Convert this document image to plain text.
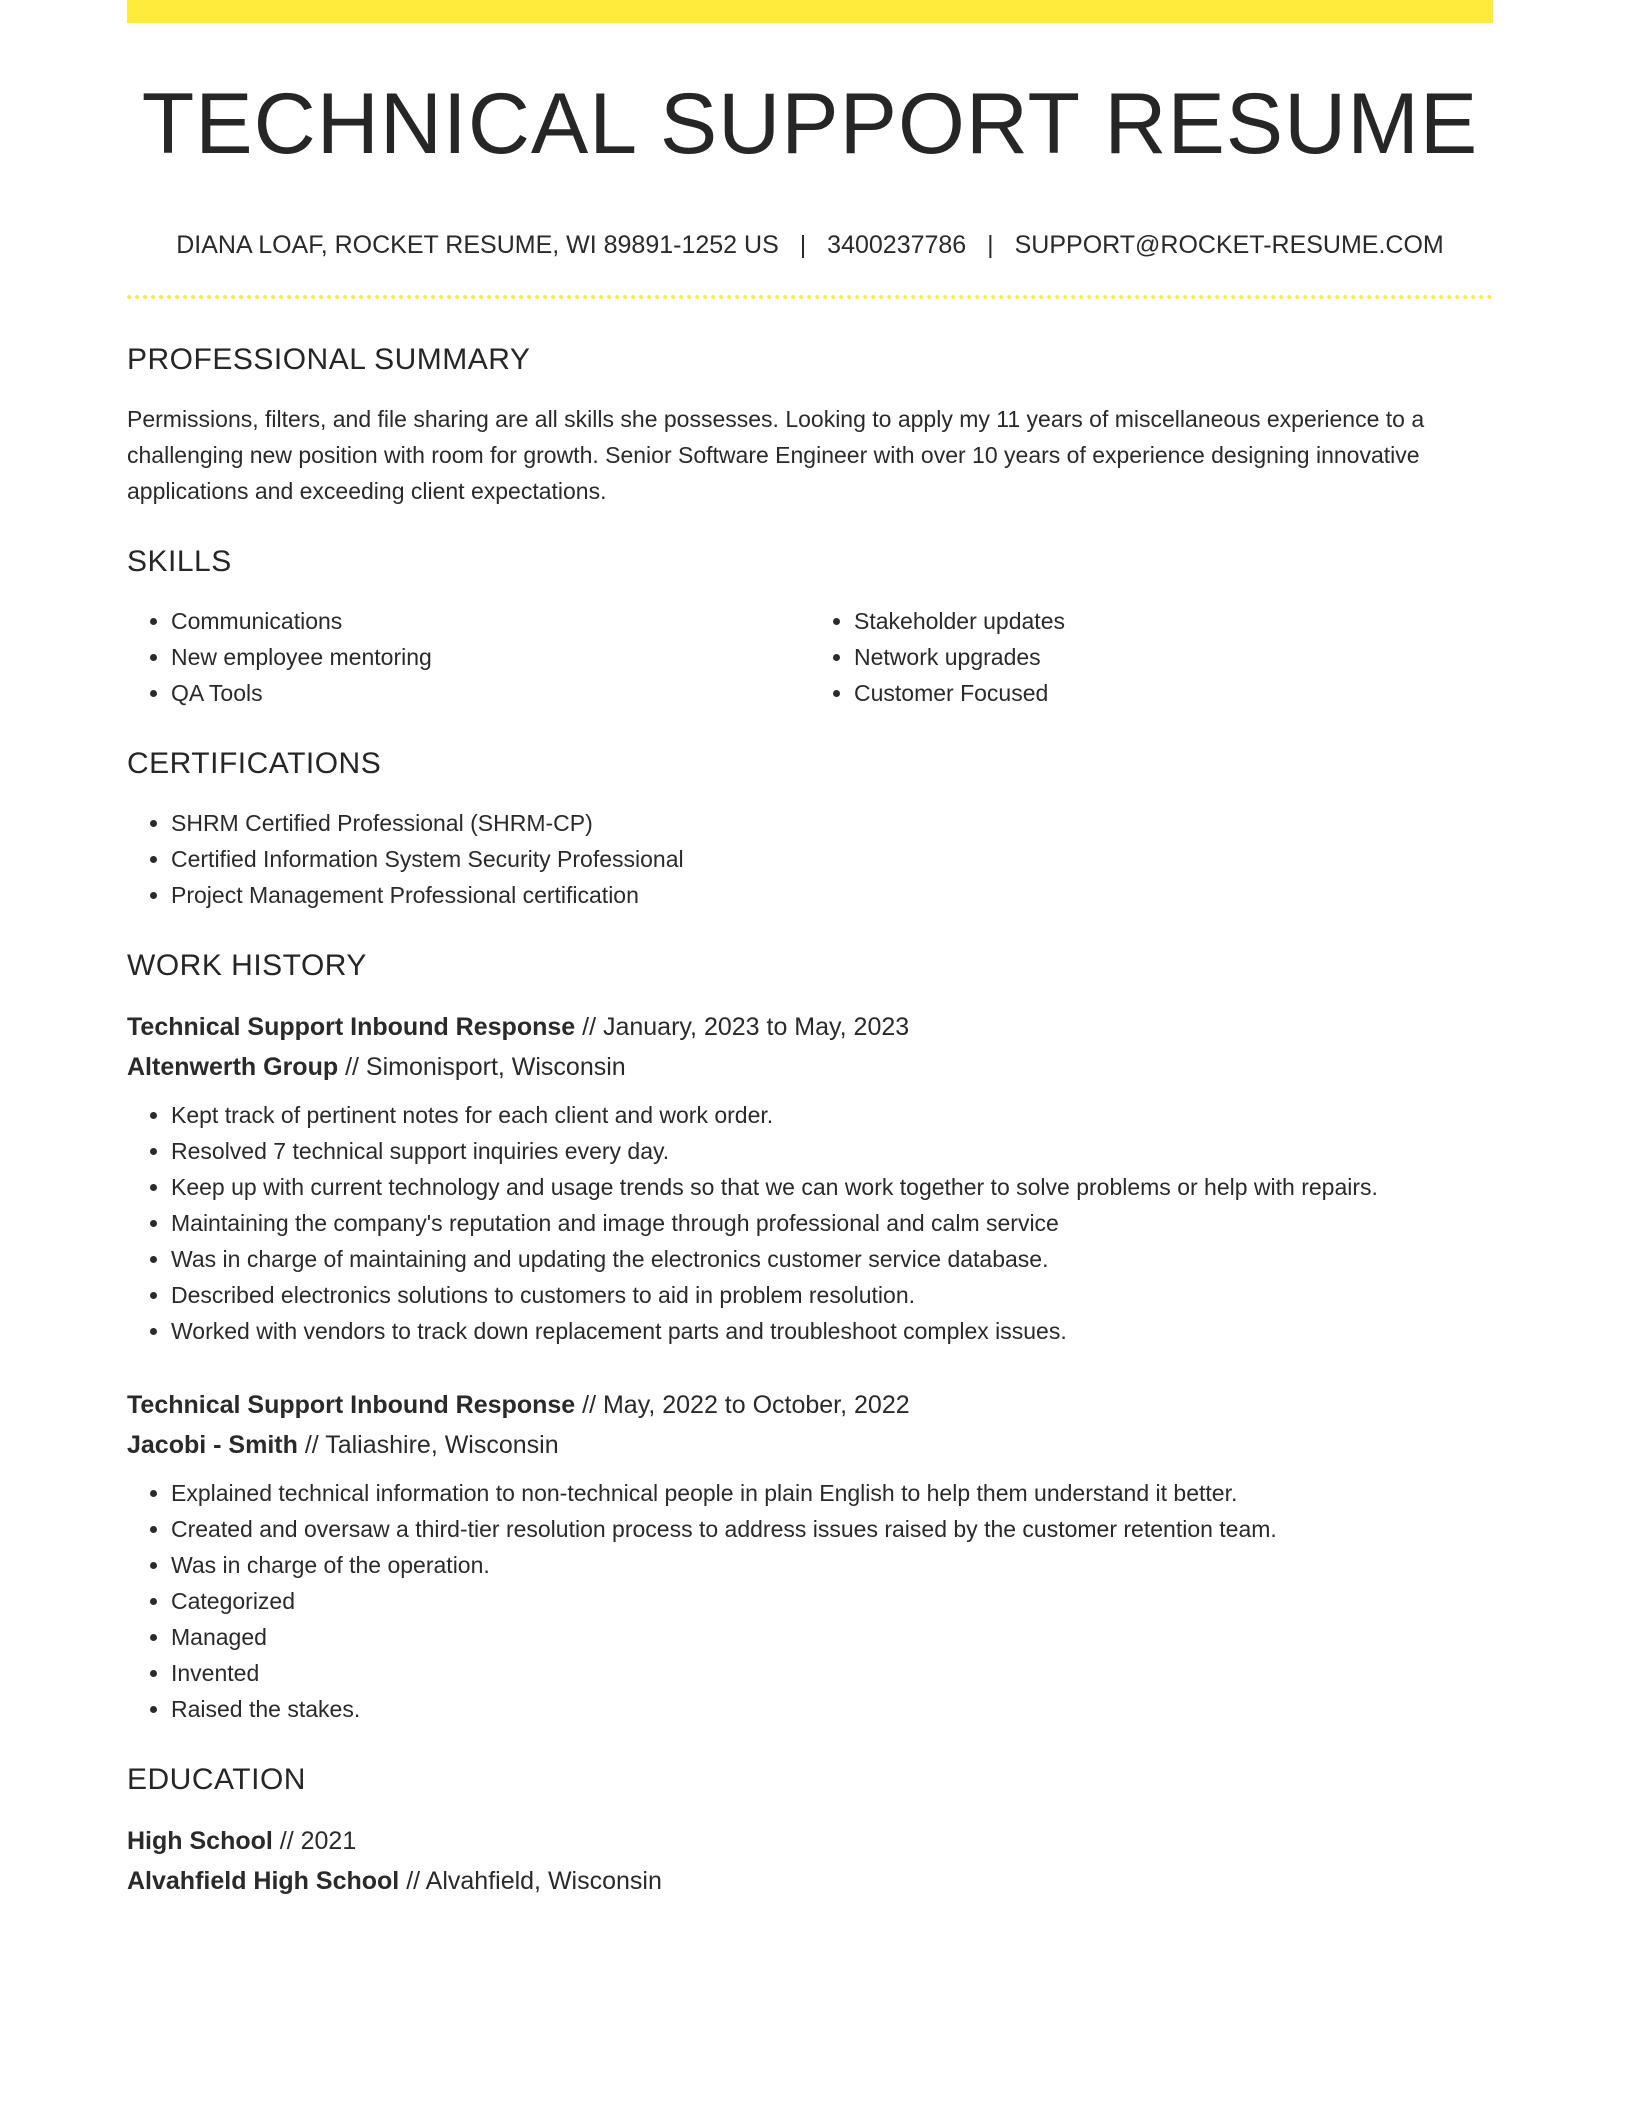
TECHNICAL SUPPORT RESUME
DIANA LOAF, ROCKET RESUME, WI 89891-1252 US | 3400237786 | SUPPORT@ROCKET-RESUME.COM
PROFESSIONAL SUMMARY

Permissions, filters, and file sharing are all skills she possesses. Looking to apply my 11 years of miscellaneous experience to a challenging new position with room for growth. Senior Software Engineer with over 10 years of experience designing innovative applications and exceeding client expectations.

SKILLS
• Communications
• New employee mentoring
• QA Tools
• Stakeholder updates
• Network upgrades
• Customer Focused
CERTIFICATIONS
• SHRM Certified Professional (SHRM-CP)
• Certified Information System Security Professional
• Project Management Professional certification
WORK HISTORY
Technical Support Inbound Response // January, 2023 to May, 2023
Altenwerth Group // Simonisport, Wisconsin
• Kept track of pertinent notes for each client and work order.
• Resolved 7 technical support inquiries every day.
• Keep up with current technology and usage trends so that we can work together to solve problems or help with repairs.
• Maintaining the company's reputation and image through professional and calm service
• Was in charge of maintaining and updating the electronics customer service database.
• Described electronics solutions to customers to aid in problem resolution.
• Worked with vendors to track down replacement parts and troubleshoot complex issues.
Technical Support Inbound Response // May, 2022 to October, 2022
Jacobi - Smith // Taliashire, Wisconsin
• Explained technical information to non-technical people in plain English to help them understand it better.
• Created and oversaw a third-tier resolution process to address issues raised by the customer retention team.
• Was in charge of the operation.
• Categorized
• Managed
• Invented
• Raised the stakes.
EDUCATION
High School // 2021
Alvahfield High School // Alvahfield, Wisconsin
